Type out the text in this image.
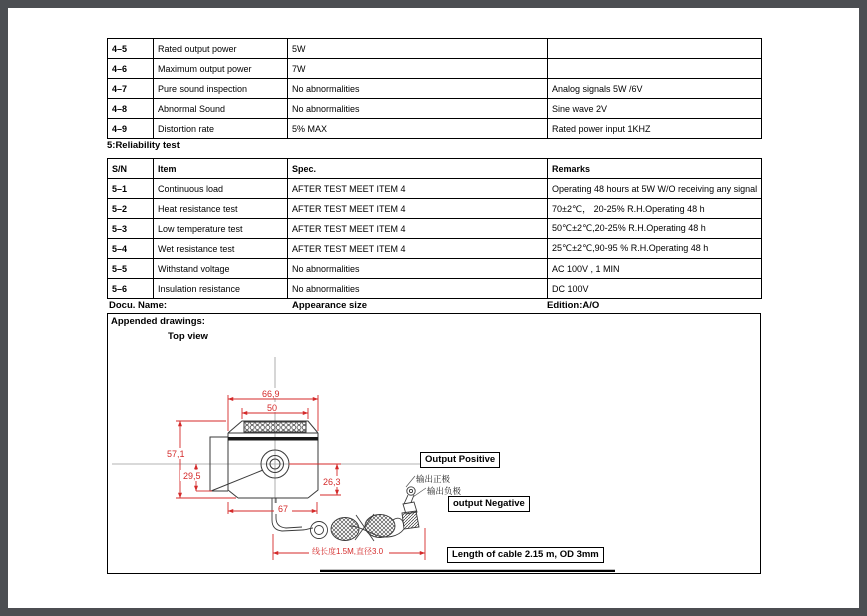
4–5	Rated output power	5W	
4–6	Maximum output power	7W	
4–7	Pure sound inspection	No abnormalities	Analog signals 5W /6V
4–8	Abnormal Sound	No abnormalities	Sine wave 2V
4–9	Distortion rate	5% MAX	Rated power input 1KHZ
5:Reliability test
S/N	Item	Spec.	Remarks
5–1	Continuous load	AFTER TEST MEET ITEM 4	Operating 48 hours at 5W W/O receiving any signal
5–2	Heat resistance test	AFTER TEST MEET ITEM 4	70±2℃， 20-25% R.H.Operating 48 h
5–3	Low temperature test	AFTER TEST MEET ITEM 4	50℃±2℃,20-25% R.H.Operating 48 h
5–4	Wet resistance test	AFTER TEST MEET ITEM 4	25℃±2℃,90-95 % R.H.Operating 48 h
5–5	Withstand voltage	No abnormalities	AC 100V , 1 MIN
5–6	Insulation resistance	No abnormalities	DC 100V
Docu. Name:	Appearance size	Edition:A/O
Appended drawings:
Top view
66,9
50
57,1
29,5
26,3
67
线长度1.5M,直径3.0
Output Positive
输出正极
输出负极
output Negative
Length of cable 2.15 m, OD 3mm
